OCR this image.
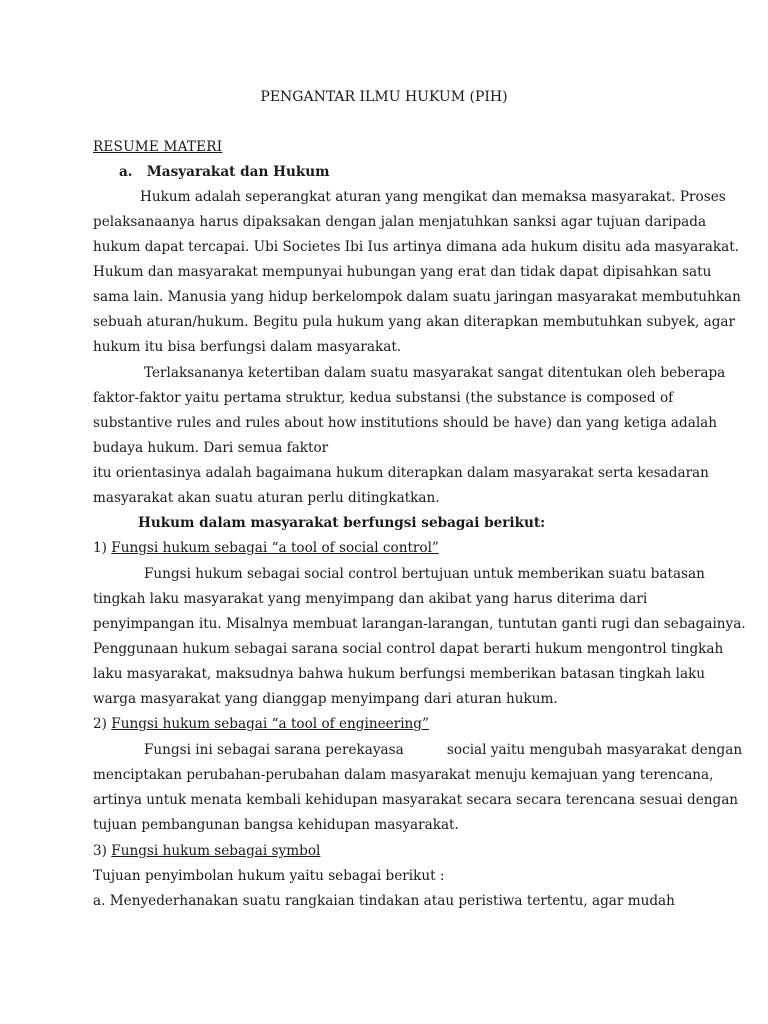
PENGANTAR ILMU HUKUM (PIH)

RESUME MATERI

a. Masyarakat dan Hukum

Hukum adalah seperangkat aturan yang mengikat dan memaksa masyarakat. Proses

pelaksanaanya harus dipaksakan dengan jalan menjatuhkan sanksi agar tujuan daripada

hukum dapat tercapai. Ubi Societes Ibi Ius artinya dimana ada hukum disitu ada masyarakat.

Hukum dan masyarakat mempunyai hubungan yang erat dan tidak dapat dipisahkan satu

sama lain. Manusia yang hidup berkelompok dalam suatu jaringan masyarakat membutuhkan

sebuah aturan/hukum. Begitu pula hukum yang akan diterapkan membutuhkan subyek, agar

hukum itu bisa berfungsi dalam masyarakat.

Terlaksananya ketertiban dalam suatu masyarakat sangat ditentukan oleh beberapa

faktor-faktor yaitu pertama struktur, kedua substansi (the substance is composed of

substantive rules and rules about how institutions should be have) dan yang ketiga adalah

budaya hukum. Dari semua faktor

itu orientasinya adalah bagaimana hukum diterapkan dalam masyarakat serta kesadaran

masyarakat akan suatu aturan perlu ditingkatkan.

Hukum dalam masyarakat berfungsi sebagai berikut:

1) Fungsi hukum sebagai “a tool of social control”

Fungsi hukum sebagai social control bertujuan untuk memberikan suatu batasan

tingkah laku masyarakat yang menyimpang dan akibat yang harus diterima dari

penyimpangan itu. Misalnya membuat larangan-larangan, tuntutan ganti rugi dan sebagainya.

Penggunaan hukum sebagai sarana social control dapat berarti hukum mengontrol tingkah

laku masyarakat, maksudnya bahwa hukum berfungsi memberikan batasan tingkah laku

warga masyarakat yang dianggap menyimpang dari aturan hukum.

2) Fungsi hukum sebagai “a tool of engineering”

Fungsi ini sebagai sarana perekayasa          social yaitu mengubah masyarakat dengan

menciptakan perubahan-perubahan dalam masyarakat menuju kemajuan yang terencana,

artinya untuk menata kembali kehidupan masyarakat secara secara terencana sesuai dengan

tujuan pembangunan bangsa kehidupan masyarakat.

3) Fungsi hukum sebagai symbol

Tujuan penyimbolan hukum yaitu sebagai berikut :

a. Menyederhanakan suatu rangkaian tindakan atau peristiwa tertentu, agar mudah
